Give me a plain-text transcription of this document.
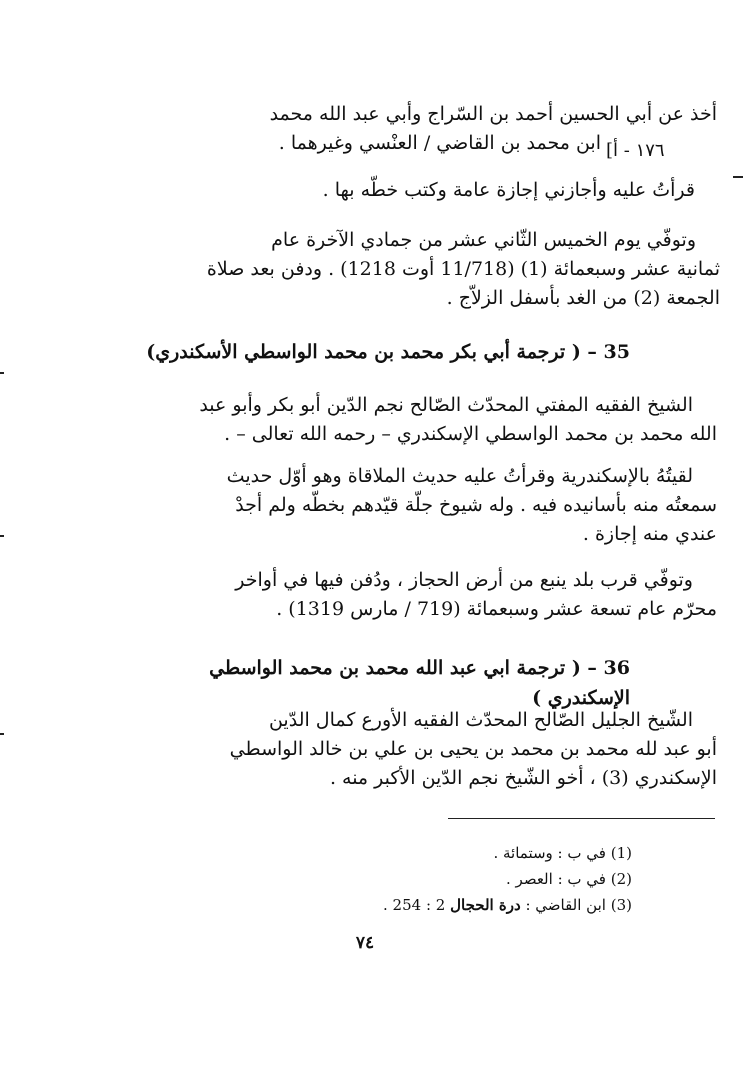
١٧٦ - أ]

أخذ عن أبي الحسين أحمد بن السّراج وأبي عبد الله محمد

ابن محمد بن القاضي / العنْسي وغيرهما .

قرأتُ عليه وأجازني إجازة عامة وكتب خطّه بها .

وتوفّي يوم الخميس الثّاني عشر من جمادي الآخرة عام

ثمانية عشر وسبعمائة (1) (11/718 أوت 1218) . ودفن بعد صلاة

الجمعة (2) من الغد بأسفل الزلاّج .

35 – ( ترجمة أبي بكر محمد بن محمد الواسطي الأسكندري)

الشيخ الفقيه المفتي المحدّث الصّالح نجم الدّين أبو بكر وأبو عبد

الله محمد بن محمد الواسطي الإسكندري – رحمه الله تعالى – .

لقيتُهُ بالإسكندرية وقرأتُ عليه حديث الملاقاة وهو أوّل حديث

سمعتُه منه بأسانيده فيه . وله شيوخ جلّة قيّدهم بخطّه ولم أجدْ

عندي منه إجازة .

وتوفّي قرب بلد ينبع من أرض الحجاز ، ودُفن فيها في أواخر

محرّم عام تسعة عشر وسبعمائة (719 / مارس 1319) .

36 – ( ترجمة ابي عبد الله محمد بن محمد الواسطي الإسكندري )

الشّيخ الجليل الصّالح المحدّث الفقيه الأورع كمال الدّين

أبو عبد لله محمد بن محمد بن يحيى بن علي بن خالد الواسطي

الإسكندري (3) ، أخو الشّيخ نجم الدّين الأكبر منه .

(1) في ب : وستمائة .
(2) في ب : العصر .
(3) ابن القاضي : درة الحجال 2 : 254 .
٧٤
